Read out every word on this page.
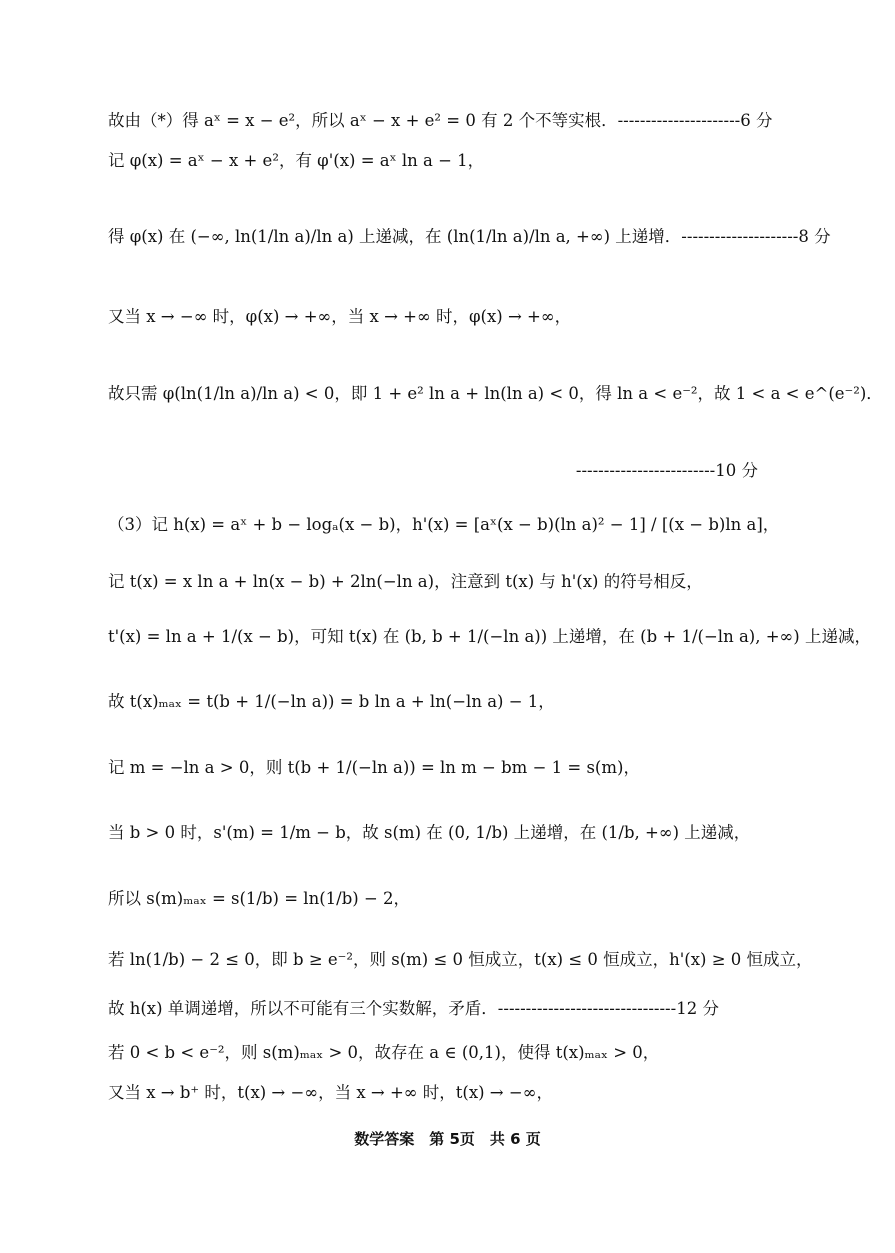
故由（*）得 aˣ = x − e²，所以 aˣ − x + e² = 0 有 2 个不等实根．----------------------6 分
记 φ(x) = aˣ − x + e²，有 φ'(x) = aˣ ln a − 1，
得 φ(x) 在 (−∞, ln(1/ln a)/ln a) 上递减，在 (ln(1/ln a)/ln a, +∞) 上递增．---------------------8 分
又当 x → −∞ 时，φ(x) → +∞，当 x → +∞ 时，φ(x) → +∞，
故只需 φ(ln(1/ln a)/ln a) < 0，即 1 + e² ln a + ln(ln a) < 0，得 ln a < e⁻²，故 1 < a < e^(e⁻²)．
-------------------------10 分
（3）记 h(x) = aˣ + b − logₐ(x − b)，h'(x) = [aˣ(x − b)(ln a)² − 1] / [(x − b)ln a]，
记 t(x) = x ln a + ln(x − b) + 2ln(−ln a)，注意到 t(x) 与 h'(x) 的符号相反，
t'(x) = ln a + 1/(x − b)，可知 t(x) 在 (b, b + 1/(−ln a)) 上递增，在 (b + 1/(−ln a), +∞) 上递减，
故 t(x)ₘₐₓ = t(b + 1/(−ln a)) = b ln a + ln(−ln a) − 1，
记 m = −ln a > 0，则 t(b + 1/(−ln a)) = ln m − bm − 1 = s(m)，
当 b > 0 时，s'(m) = 1/m − b，故 s(m) 在 (0, 1/b) 上递增，在 (1/b, +∞) 上递减，
所以 s(m)ₘₐₓ = s(1/b) = ln(1/b) − 2，
若 ln(1/b) − 2 ≤ 0，即 b ≥ e⁻²，则 s(m) ≤ 0 恒成立，t(x) ≤ 0 恒成立，h'(x) ≥ 0 恒成立，
故 h(x) 单调递增，所以不可能有三个实数解，矛盾．--------------------------------12 分
若 0 < b < e⁻²，则 s(m)ₘₐₓ > 0，故存在 a ∈ (0,1)，使得 t(x)ₘₐₓ > 0，
又当 x → b⁺ 时，t(x) → −∞，当 x → +∞ 时，t(x) → −∞，
数学答案　第 5页　共 6 页
